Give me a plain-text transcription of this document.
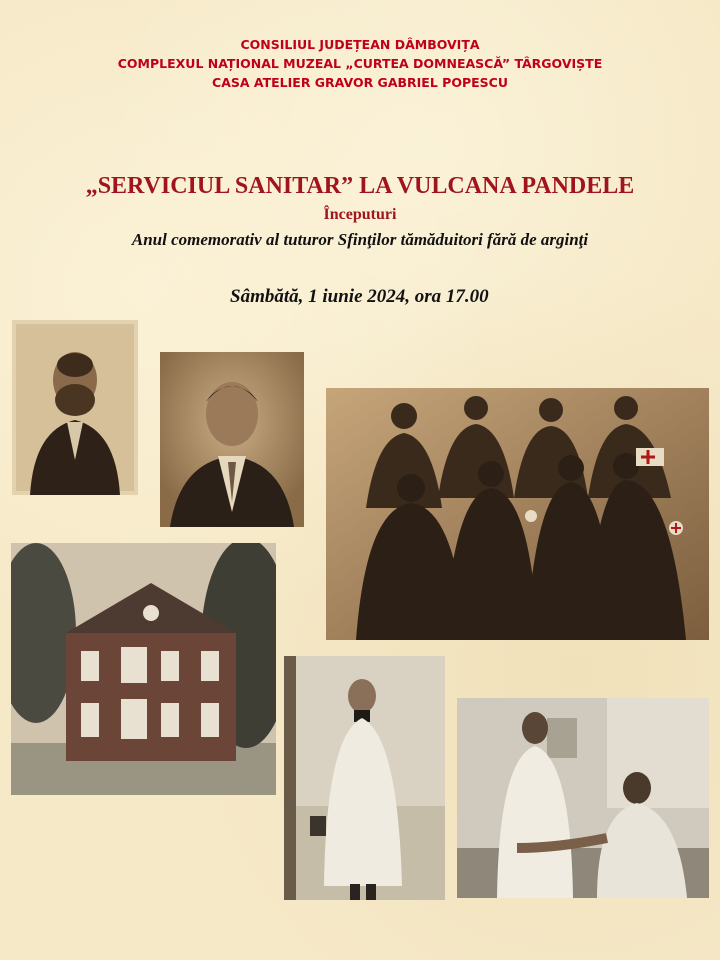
CONSILIUL JUDEȚEAN DÂMBOVIȚA
COMPLEXUL NAȚIONAL MUZEAL „CURTEA DOMNEASCĂ” TÂRGOVIȘTE
CASA ATELIER GRAVOR GABRIEL POPESCU
„SERVICIUL SANITAR” LA VULCANA PANDELE
Începuturi
Anul comemorativ al tuturor Sfinţilor tămăduitori fără de arginţi
Sâmbătă, 1 iunie 2024, ora 17.00
